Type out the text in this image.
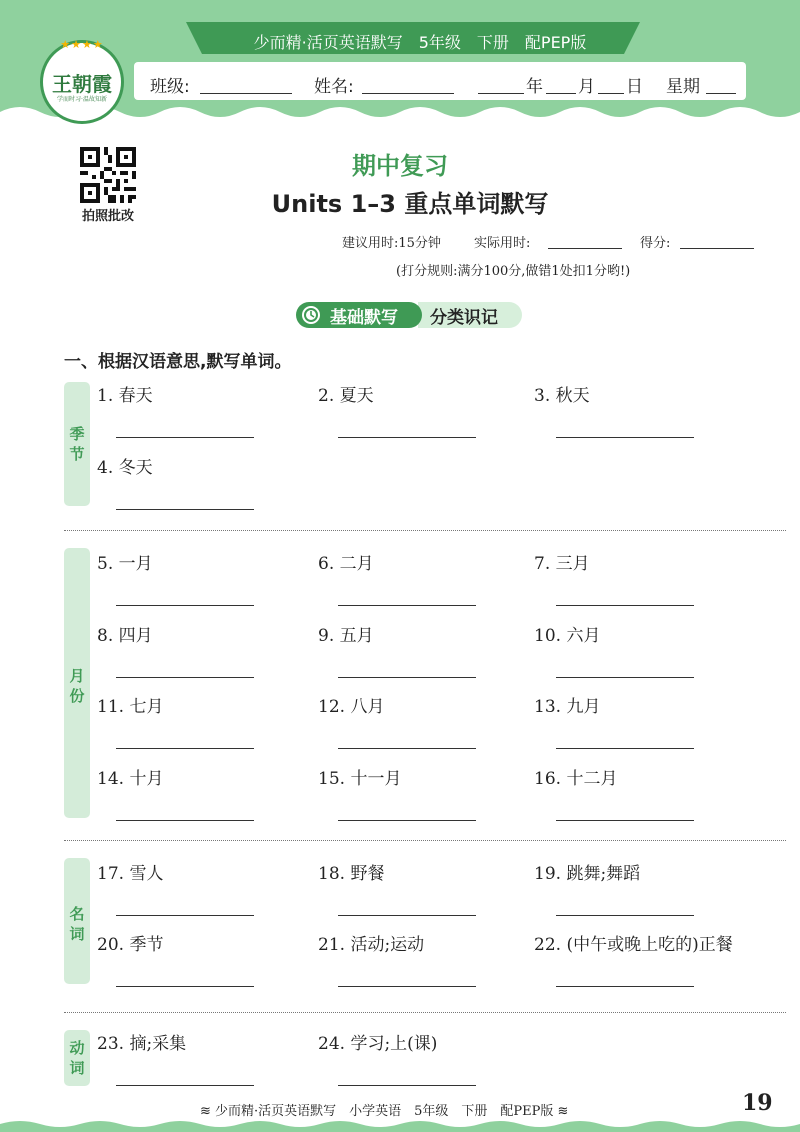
少而精·活页英语默写　5年级　下册　配PEP版
班级:	姓名:	年 月 日 星期
★★★★
王朝霞
学而时习·温故知新
拍照批改
期中复习
Units 1–3 重点单词默写
建议用时:15分钟	实际用时:	得分:
(打分规则:满分100分,做错1处扣1分哟!)
基础默写 分类识记
一、根据汉语意思,默写单词。
季节
月份
名词
动词
1. 春天	2. 夏天	3. 秋天
4. 冬天
5. 一月	6. 二月	7. 三月
8. 四月	9. 五月	10. 六月
11. 七月	12. 八月	13. 九月
14. 十月	15. 十一月	16. 十二月
17. 雪人	18. 野餐	19. 跳舞;舞蹈
20. 季节	21. 活动;运动	22. (中午或晚上吃的)正餐
23. 摘;采集	24. 学习;上(课)
≋ 少而精·活页英语默写　小学英语　5年级　下册　配PEP版 ≋	19
